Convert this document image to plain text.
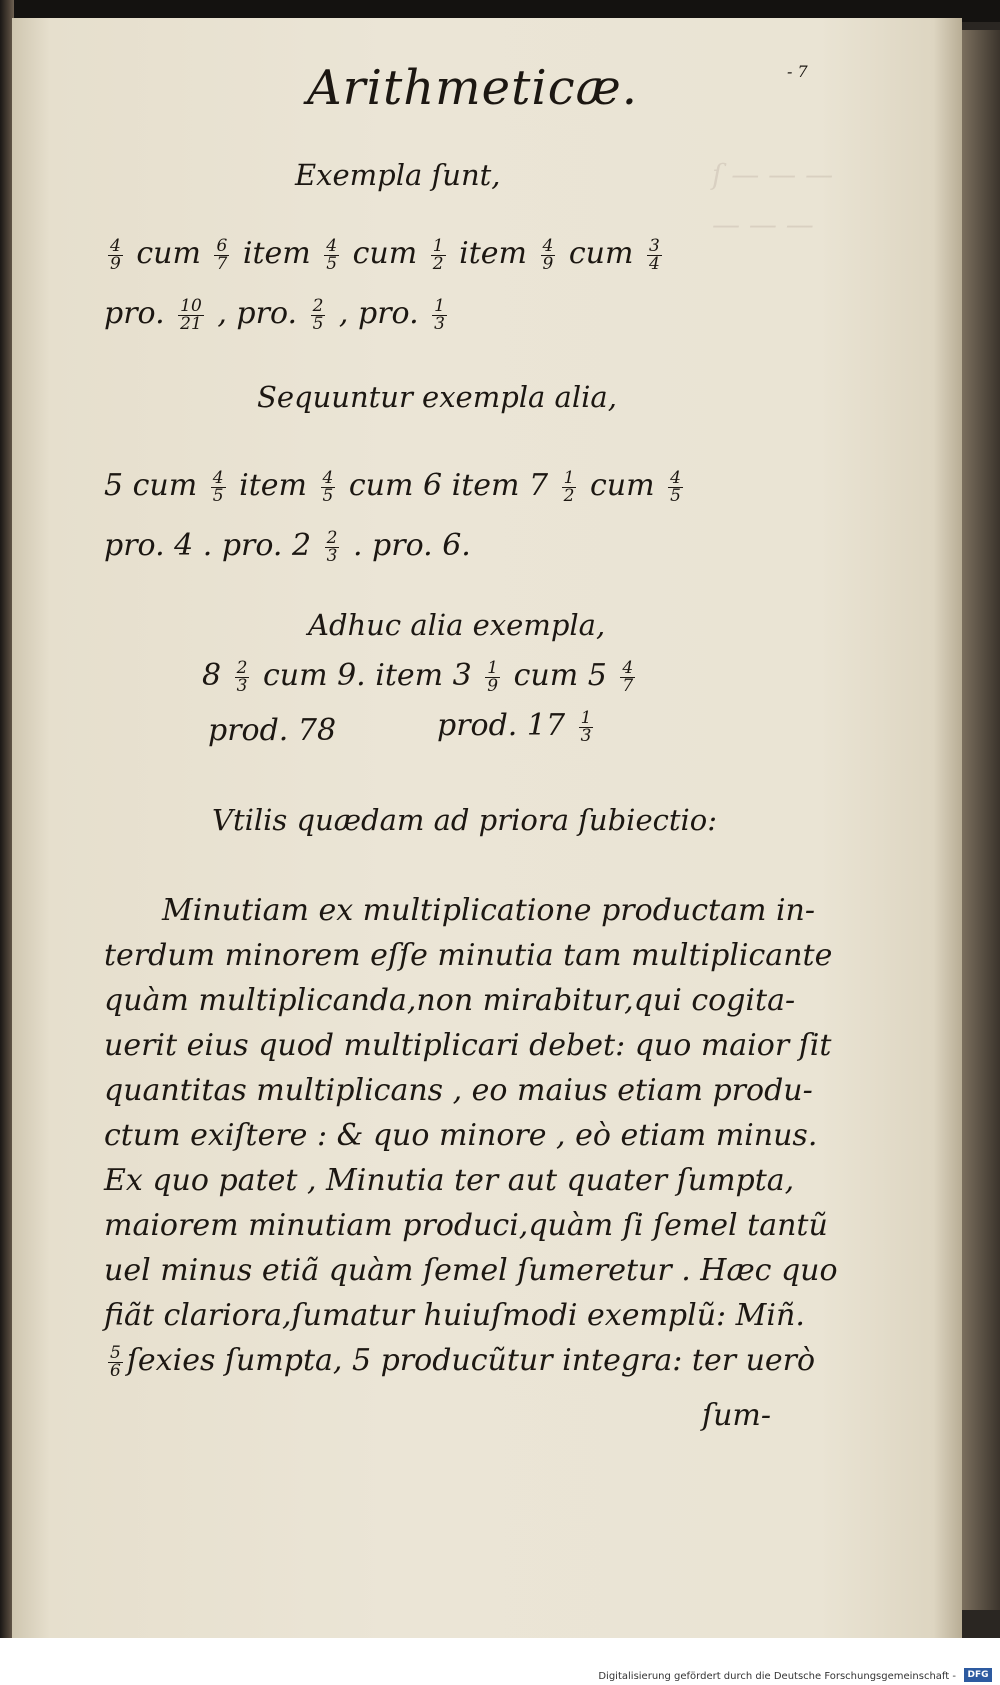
ſ — — —
— — —
Arithmeticæ.	- 7
Exempla ſunt,
$\frac{4}{9}$ cum $\frac{6}{7}$ item $\frac{4}{5}$ cum $\frac{1}{2}$ item $\frac{4}{9}$ cum $\frac{3}{4}$
pro. $\frac{10}{21}$ , pro. $\frac{2}{5}$ , pro. $\frac{1}{3}$
Sequuntur exempla alia,
5 cum $\frac{4}{5}$ item $\frac{4}{5}$ cum 6 item $7 \frac{1}{2}$ cum $\frac{4}{5}$
pro. 4 . pro. $2 \frac{2}{3}$ . pro. 6.
Adhuc alia exempla,
$8 \frac{2}{3}$ cum 9. item $3 \frac{1}{9}$ cum $5 \frac{4}{7}$
prod. 78	prod. $17 \frac{1}{3}$
Vtilis quædam ad priora ſubiectio:
Minutiam ex multiplicatione productam in-
terdum minorem eſſe minutia tam multiplicante
quàm multiplicanda,non mirabitur,qui cogita-
uerit eius quod multiplicari debet: quo maior ſit
quantitas multiplicans , eo maius etiam produ-
ctum exiſtere : & quo minore , eò etiam minus.
Ex quo patet , Minutia ter aut quater ſumpta,
maiorem minutiam produci,quàm ſi ſemel tantũ
uel minus etiã quàm ſemel ſumeretur . Hæc quo
fiãt clariora,ſumatur huiuſmodi exemplũ: Miñ.
$\frac{5}{6}$ ſexies ſumpta, 5 producũtur integra: ter uerò
ſum-
Digitalisierung gefördert durch die Deutsche Forschungsgemeinschaft -	DFG
